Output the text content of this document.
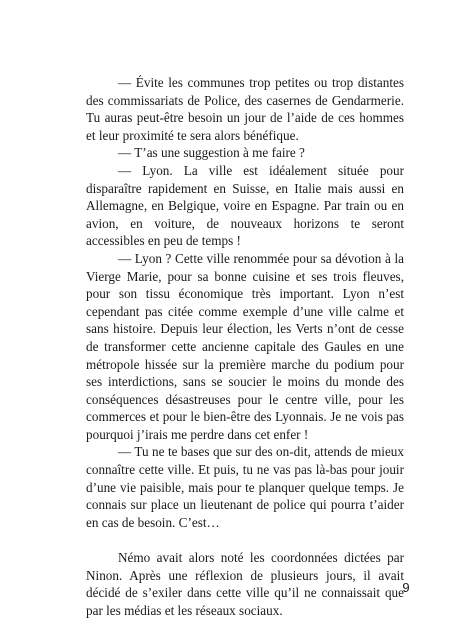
— Évite les communes trop petites ou trop distantes des commissariats de Police, des casernes de Gendarmerie. Tu auras peut-être besoin un jour de l’aide de ces hommes et leur proximité te sera alors bénéfique.

— T’as une suggestion à me faire ?

— Lyon. La ville est idéalement située pour disparaître rapidement en Suisse, en Italie mais aussi en Allemagne, en Belgique, voire en Espagne. Par train ou en avion, en voiture, de nouveaux horizons te seront accessibles en peu de temps !

— Lyon ? Cette ville renommée pour sa dévotion à la Vierge Marie, pour sa bonne cuisine et ses trois fleuves, pour son tissu économique très important. Lyon n’est cependant pas citée comme exemple d’une ville calme et sans histoire. Depuis leur élection, les Verts n’ont de cesse de transformer cette ancienne capitale des Gaules en une métropole hissée sur la première marche du podium pour ses interdictions, sans se soucier le moins du monde des conséquences désastreuses pour le centre ville, pour les commerces et pour le bien-être des Lyonnais. Je ne vois pas pourquoi j’irais me perdre dans cet enfer !

— Tu ne te bases que sur des on-dit, attends de mieux connaître cette ville. Et puis, tu ne vas pas là-bas pour jouir d’une vie paisible, mais pour te planquer quelque temps. Je connais sur place un lieutenant de police qui pourra t’aider en cas de besoin. C’est…

Némo avait alors noté les coordonnées dictées par Ninon. Après une réflexion de plusieurs jours, il avait décidé de s’exiler dans cette ville qu’il ne connaissait que par les médias et les réseaux sociaux.

9
